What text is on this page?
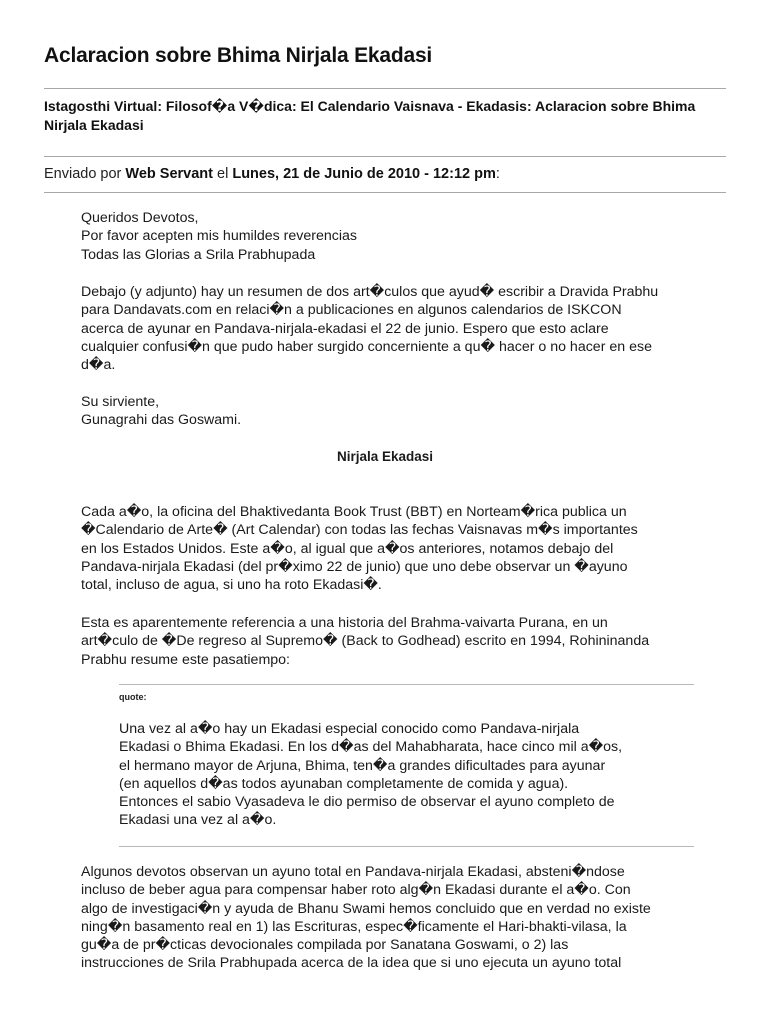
Aclaracion sobre Bhima Nirjala Ekadasi
Istagosthi Virtual: Filosof�a V�dica: El Calendario Vaisnava - Ekadasis: Aclaracion sobre Bhima
Nirjala Ekadasi
Enviado por Web Servant el Lunes, 21 de Junio de 2010 - 12:12 pm:
Queridos Devotos,
Por favor acepten mis humildes reverencias
Todas las Glorias a Srila Prabhupada
Debajo (y adjunto) hay un resumen de dos art�culos que ayud� escribir a Dravida Prabhu
para Dandavats.com en relaci�n a publicaciones en algunos calendarios de ISKCON
acerca de ayunar en Pandava-nirjala-ekadasi el 22 de junio. Espero que esto aclare
cualquier confusi�n que pudo haber surgido concerniente a qu� hacer o no hacer en ese
d�a.
Su sirviente,
Gunagrahi das Goswami.
Nirjala Ekadasi
Cada a�o, la oficina del Bhaktivedanta Book Trust (BBT) en Norteam�rica publica un
�Calendario de Arte� (Art Calendar) con todas las fechas Vaisnavas m�s importantes
en los Estados Unidos. Este a�o, al igual que a�os anteriores, notamos debajo del
Pandava-nirjala Ekadasi (del pr�ximo 22 de junio) que uno debe observar un �ayuno
total, incluso de agua, si uno ha roto Ekadasi�.
Esta es aparentemente referencia a una historia del Brahma-vaivarta Purana, en un
art�culo de �De regreso al Supremo� (Back to Godhead) escrito en 1994, Rohininanda
Prabhu resume este pasatiempo:
quote:
Una vez al a�o hay un Ekadasi especial conocido como Pandava-nirjala
Ekadasi o Bhima Ekadasi. En los d�as del Mahabharata, hace cinco mil a�os,
el hermano mayor de Arjuna, Bhima, ten�a grandes dificultades para ayunar
(en aquellos d�as todos ayunaban completamente de comida y agua).
Entonces el sabio Vyasadeva le dio permiso de observar el ayuno completo de
Ekadasi una vez al a�o.
Algunos devotos observan un ayuno total en Pandava-nirjala Ekadasi, absteni�ndose
incluso de beber agua para compensar haber roto alg�n Ekadasi durante el a�o. Con
algo de investigaci�n y ayuda de Bhanu Swami hemos concluido que en verdad no existe
ning�n basamento real en 1) las Escrituras, espec�ficamente el Hari-bhakti-vilasa, la
gu�a de pr�cticas devocionales compilada por Sanatana Goswami, o 2) las
instrucciones de Srila Prabhupada acerca de la idea que si uno ejecuta un ayuno total
